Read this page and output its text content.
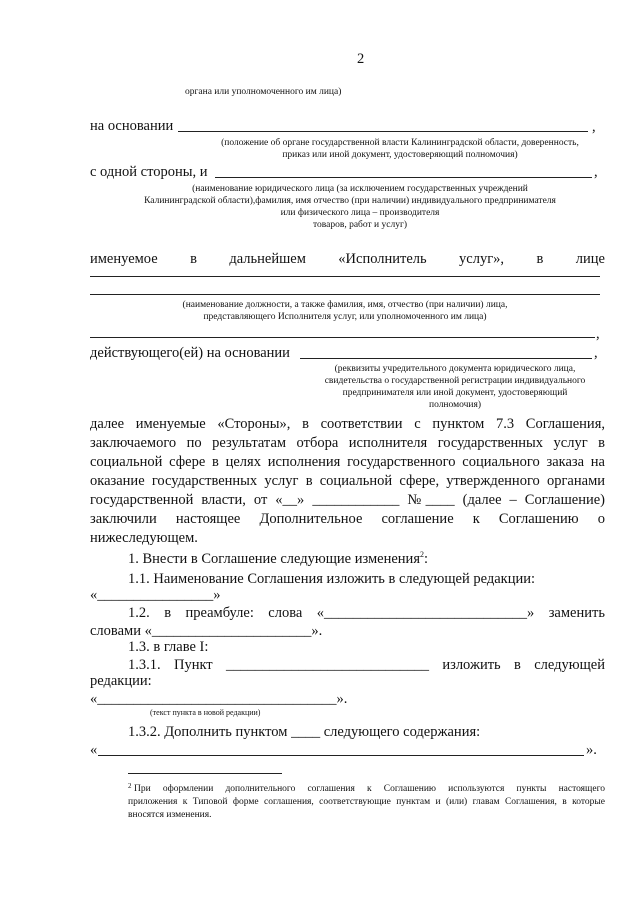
2
органа или уполномоченного им лица)
на основании	,
(положение об органе государственной власти Калининградской области, доверенность,
приказ или иной документ, удостоверяющий полномочия)
с одной стороны, и	,
(наименование юридического лица (за исключением государственных учреждений
Калининградской области),фамилия, имя отчество (при наличии) индивидуального предпринимателя
или физического лица – производителя
товаров, работ и услуг)
именуемое в дальнейшем «Исполнитель услуг», в лице
(наименование должности, а также фамилия, имя, отчество (при наличии) лица,
представляющего Исполнителя услуг, или уполномоченного им лица)
,
действующего(ей) на основании	,
(реквизиты учредительного документа юридического лица,
свидетельства о государственной регистрации индивидуального
предпринимателя или иной документ, удостоверяющий
полномочия)
далее именуемые «Стороны», в соответствии с пунктом 7.3 Соглашения,
заключаемого по результатам отбора исполнителя государственных услуг в
социальной сфере в целях исполнения государственного социального заказа на
оказание государственных услуг в социальной сфере, утвержденного органами
государственной власти, от «__» ____________ №____ (далее – Соглашение)
заключили настоящее Дополнительное соглашение к Соглашению о
нижеследующем.
1. Внести в Соглашение следующие изменения$^2$:
1.1. Наименование Соглашения изложить в следующей редакции:
«________________»
1.2. в преамбуле: слова «____________________________» заменить
словами «______________________».
1.3. в главе I:
1.3.1. Пункт ____________________________ изложить в следующей
редакции:
«_________________________________».
(текст пункта в новой редакции)
1.3.2. Дополнить пунктом ____ следующего содержания:
«	».
2 При оформлении дополнительного соглашения к Соглашению используются пункты настоящего
приложения к Типовой форме соглашения, соответствующие пунктам и (или) главам Соглашения, в которые
вносятся изменения.
